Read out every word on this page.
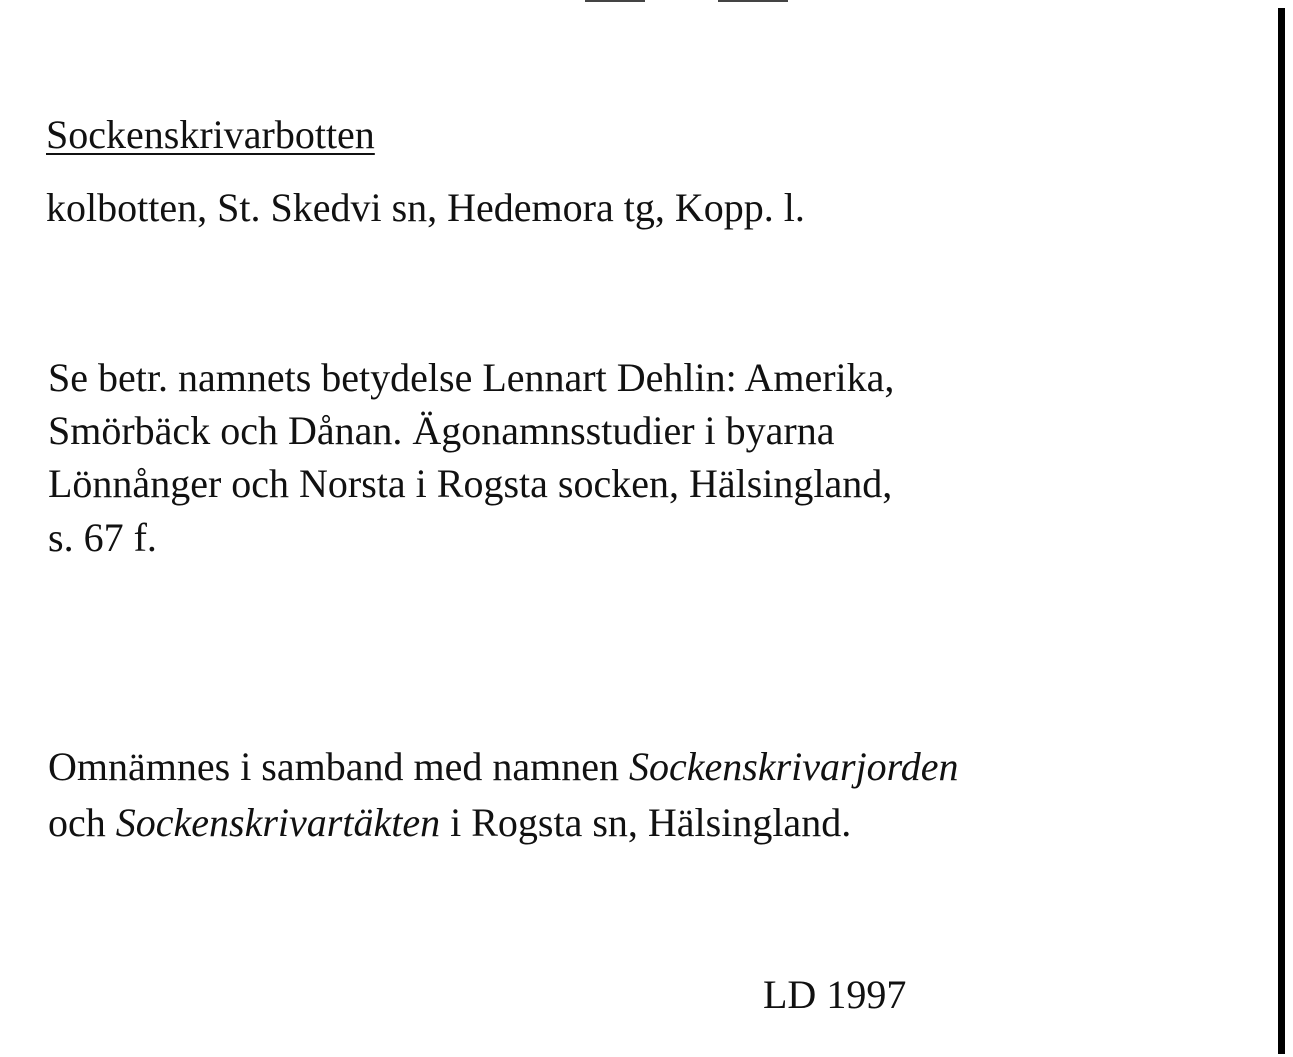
Sockenskrivarbotten

kolbotten, St. Skedvi sn, Hedemora tg, Kopp. l.

Se betr. namnets betydelse Lennart Dehlin: Amerika,

Smörbäck och Dånan. Ägonamnsstudier i byarna

Lönnånger och Norsta i Rogsta socken, Hälsingland,

s. 67 f.

Omnämnes i samband med namnen Sockenskrivarjorden

och Sockenskrivartäkten i Rogsta sn, Hälsingland.

LD 1997
